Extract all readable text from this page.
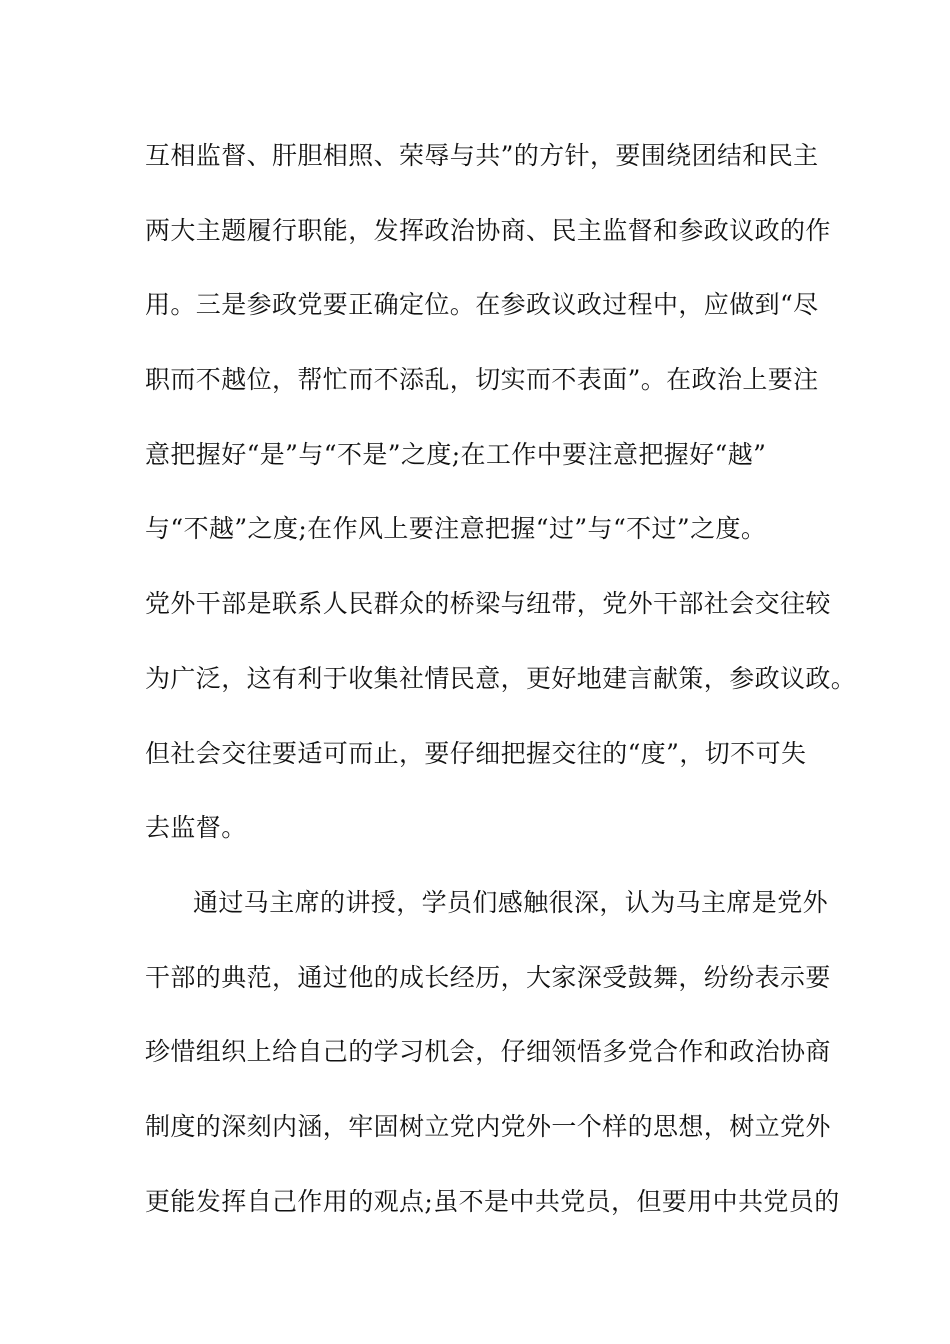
互相监督、肝胆相照、荣辱与共”的方针，要围绕团结和民主
两大主题履行职能，发挥政治协商、民主监督和参政议政的作
用。三是参政党要正确定位。在参政议政过程中，应做到“尽
职而不越位，帮忙而不添乱，切实而不表面”。在政治上要注
意把握好“是”与“不是”之度;在工作中要注意把握好“越”
与“不越”之度;在作风上要注意把握“过”与“不过”之度。
党外干部是联系人民群众的桥梁与纽带，党外干部社会交往较
为广泛，这有利于收集社情民意，更好地建言献策，参政议政。
但社会交往要适可而止，要仔细把握交往的“度”，切不可失
去监督。
通过马主席的讲授，学员们感触很深，认为马主席是党外
干部的典范，通过他的成长经历，大家深受鼓舞，纷纷表示要
珍惜组织上给自己的学习机会，仔细领悟多党合作和政治协商
制度的深刻内涵，牢固树立党内党外一个样的思想，树立党外
更能发挥自己作用的观点;虽不是中共党员，但要用中共党员的
